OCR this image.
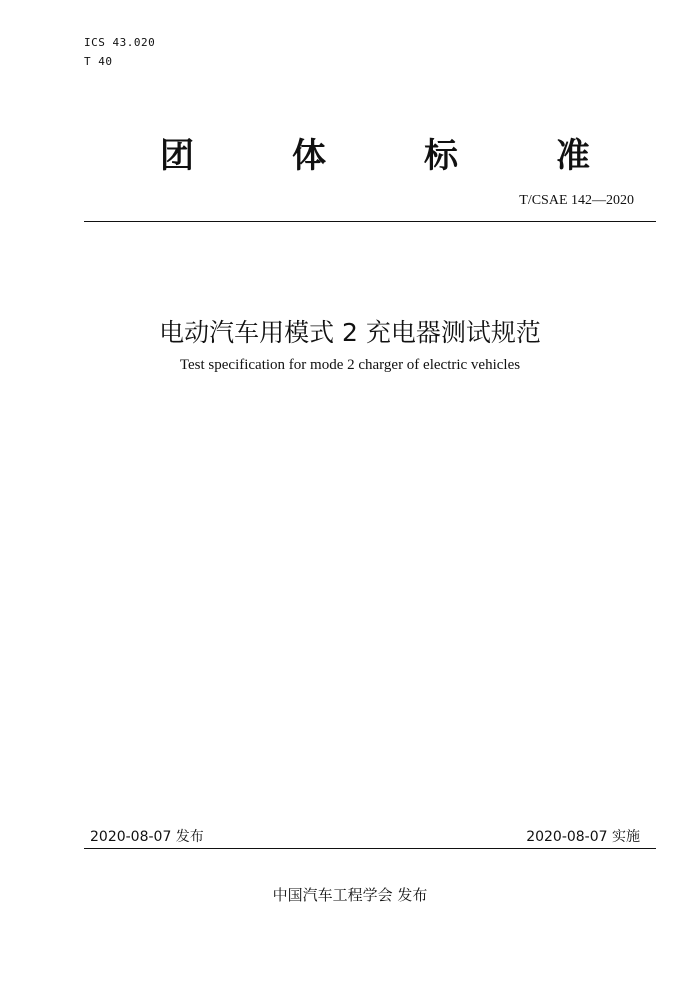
ICS 43.020
T 40
团	体	标	准
T/CSAE 142—2020
电动汽车用模式 2 充电器测试规范
Test specification for mode 2 charger of electric vehicles
2020-08-07 发布	2020-08-07 实施
中国汽车工程学会 发布
